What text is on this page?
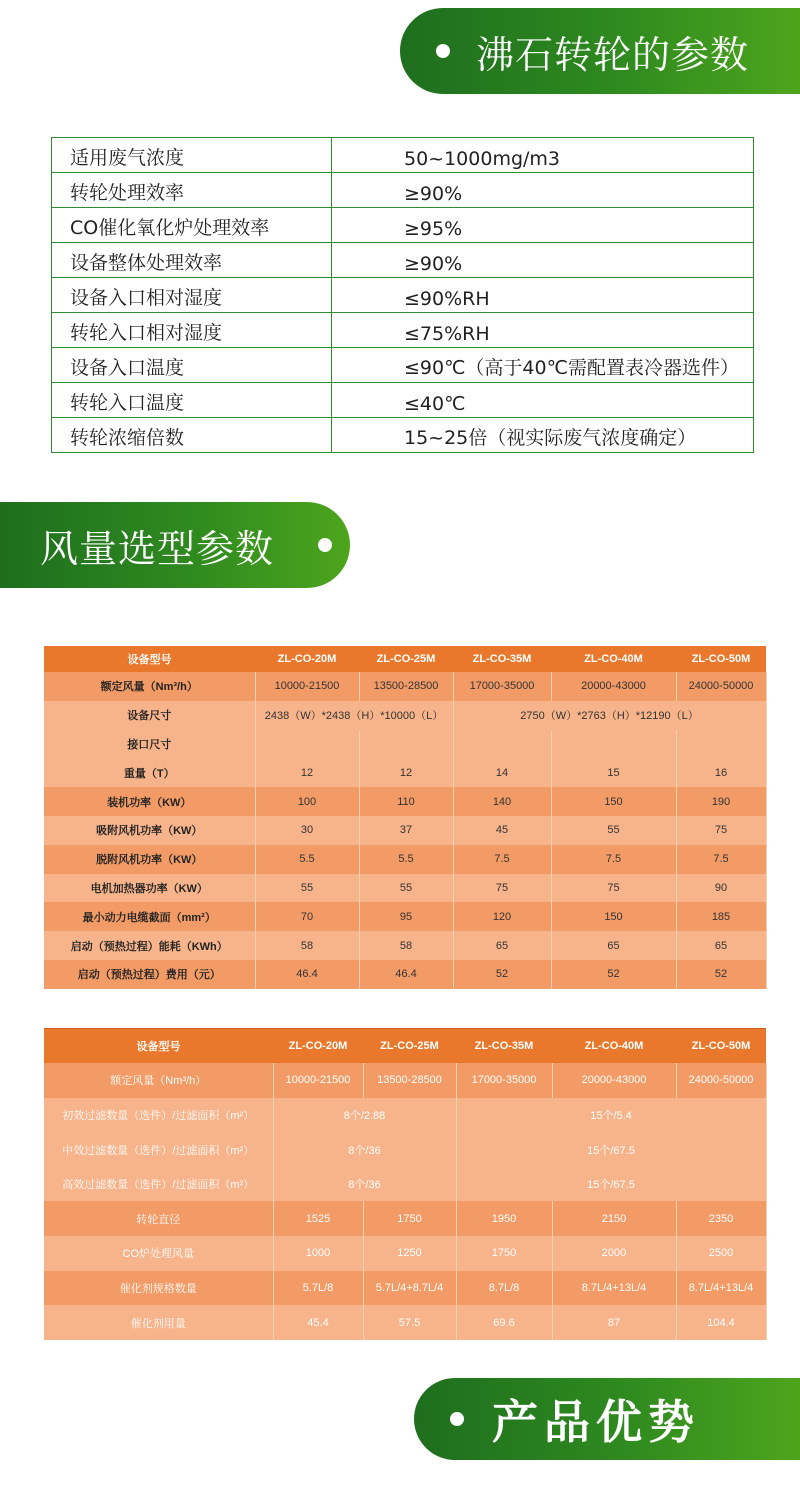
沸石转轮的参数
适用废气浓度	50~1000mg/m3
转轮处理效率	≥90%
CO催化氧化炉处理效率	≥95%
设备整体处理效率	≥90%
设备入口相对湿度	≤90%RH
转轮入口相对湿度	≤75%RH
设备入口温度	≤90℃（高于40℃需配置表冷器选件）
转轮入口温度	≤40℃
转轮浓缩倍数	15~25倍（视实际废气浓度确定）
风量选型参数
设备型号	ZL-CO-20M	ZL-CO-25M	ZL-CO-35M	ZL-CO-40M	ZL-CO-50M
额定风量（Nm³/h）	10000-21500	13500-28500	17000-35000	20000-43000	24000-50000
设备尺寸	2438（W）*2438（H）*10000（L）		2750（W）*2763（H）*12190（L）		
接口尺寸					
重量（T）	12	12	14	15	16
装机功率（KW）	100	110	140	150	190
吸附风机功率（KW）	30	37	45	55	75
脱附风机功率（KW）	5.5	5.5	7.5	7.5	7.5
电机加热器功率（KW）	55	55	75	75	90
最小动力电缆截面（mm²）	70	95	120	150	185
启动（预热过程）能耗（KWh）	58	58	65	65	65
启动（预热过程）费用（元）	46.4	46.4	52	52	52
设备型号	ZL-CO-20M	ZL-CO-25M	ZL-CO-35M	ZL-CO-40M	ZL-CO-50M
额定风量（Nm³/h）	10000-21500	13500-28500	17000-35000	20000-43000	24000-50000
初效过滤数量（选件）/过滤面积（m²）	8个/2.88		15个/5.4		
中效过滤数量（选件）/过滤面积（m²）	8个/36		15个/67.5		
高效过滤数量（选件）/过滤面积（m²）	8个/36		15个/67.5		
转轮直径	1525	1750	1950	2150	2350
CO炉处理风量	1000	1250	1750	2000	2500
催化剂规格数量	5.7L/8	5.7L/4+8.7L/4	8.7L/8	8.7L/4+13L/4	8.7L/4+13L/4
催化剂用量	45.4	57.5	69.6	87	104.4
产品优势
